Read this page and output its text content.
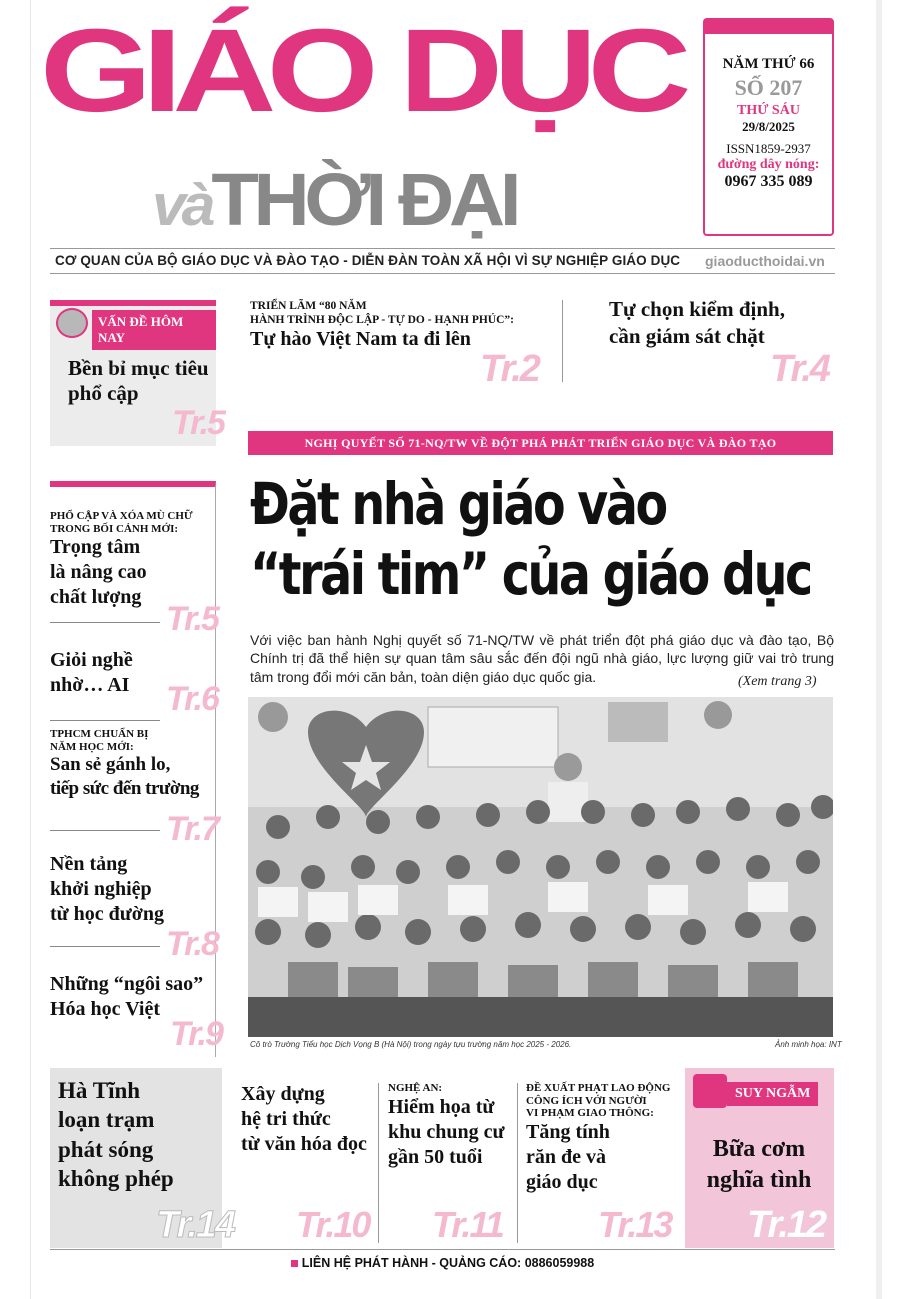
GIÁO DỤC
vàTHỜI ĐẠI
NĂM THỨ 66
SỐ 207
THỨ SÁU
29/8/2025
ISSN1859-2937
đường dây nóng:
0967 335 089
CƠ QUAN CỦA BỘ GIÁO DỤC VÀ ĐÀO TẠO - DIỄN ĐÀN TOÀN XÃ HỘI VÌ SỰ NGHIỆP GIÁO DỤC giaoducthoidai.vn
VẤN ĐỀ HÔM NAY
Bền bỉ mục tiêu
phổ cập
Tr.5
PHỔ CẬP VÀ XÓA MÙ CHỮ
TRONG BỐI CẢNH MỚI:
Trọng tâm
là nâng cao
chất lượng
Tr.5
Giỏi nghề
nhờ… AI	Tr.6
TPHCM CHUẨN BỊ
NĂM HỌC MỚI:
San sẻ gánh lo,
tiếp sức đến trường
Tr.7
Nền tảng
khởi nghiệp
từ học đường
Tr.8
Những “ngôi sao”
Hóa học Việt
Tr.9
TRIỂN LÃM “80 NĂM
HÀNH TRÌNH ĐỘC LẬP - TỰ DO - HẠNH PHÚC”:
Tự hào Việt Nam ta đi lên
Tr.2
Tự chọn kiểm định,
cần giám sát chặt
Tr.4
NGHỊ QUYẾT SỐ 71-NQ/TW VỀ ĐỘT PHÁ PHÁT TRIỂN GIÁO DỤC VÀ ĐÀO TẠO
Đặt nhà giáo vào
“trái tim” của giáo dục
Với việc ban hành Nghị quyết số 71-NQ/TW về phát triển đột phá giáo dục và đào tạo, Bộ Chính trị đã thể hiện sự quan tâm sâu sắc đến đội ngũ nhà giáo, lực lượng giữ vai trò trung tâm trong đổi mới căn bản, toàn diện giáo dục quốc gia.	(Xem trang 3)
Cô trò Trường Tiểu học Dịch Vọng B (Hà Nội) trong ngày tựu trường năm học 2025 - 2026.	Ảnh minh họa: INT
Hà Tĩnh
loạn trạm
phát sóng
không phép
Tr.14
Xây dựng
hệ tri thức
từ văn hóa đọc
Tr.10
NGHỆ AN:
Hiểm họa từ
khu chung cư
gần 50 tuổi
Tr.11
ĐỀ XUẤT PHẠT LAO ĐỘNG
CÔNG ÍCH VỚI NGƯỜI
VI PHẠM GIAO THÔNG:
Tăng tính
răn đe và
giáo dục
Tr.13
SUY NGẪM
Bữa cơm
nghĩa tình
Tr.12
LIÊN HỆ PHÁT HÀNH - QUẢNG CÁO: 0886059988
